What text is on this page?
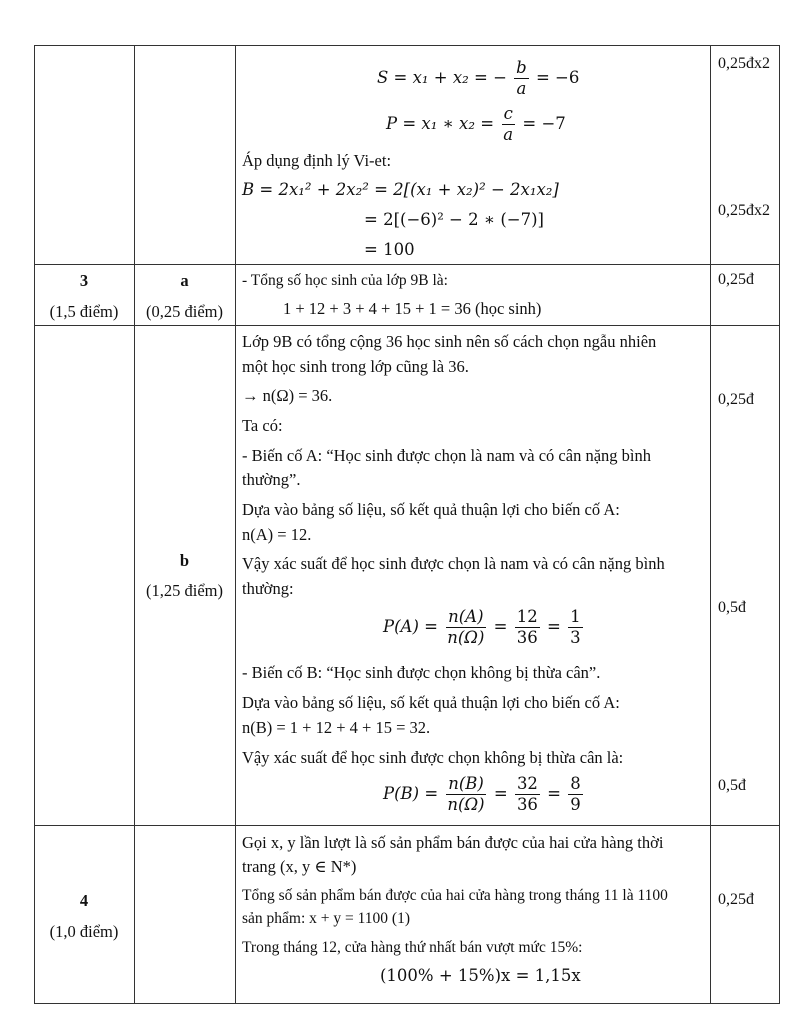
S = x₁ + x₂ = − $\frac{b}{a} = -6$
P = x₁ ∗ $x_2 = \frac{c}{a} = -7$
Áp dụng định lý Vi-et:
B = 2x₁² + 2x₂² = 2[(x₁ + x₂)² − 2x₁x₂]
= 2[(−6)² − 2 ∗ (−7)]
= 100
0,25đx2
0,25đx2
3
(1,5 điểm)
a
(0,25 điểm)
- Tổng số học sinh của lớp 9B là:
1 + 12 + 3 + 4 + 15 + 1 = 36 (học sinh)
0,25đ
b
(1,25 điểm)
Lớp 9B có tổng cộng 36 học sinh nên số cách chọn ngẫu nhiên
một học sinh trong lớp cũng là 36.
→ n(Ω) = 36.
Ta có:
- Biến cố A: “Học sinh được chọn là nam và có cân nặng bình
thường”.
Dựa vào bảng số liệu, số kết quả thuận lợi cho biến cố A:
n(A) = 12.
Vậy xác suất để học sinh được chọn là nam và có cân nặng bình
thường:
$P(A) = \frac{n(A)}{n(\Omega)} = \frac{12}{36} = \frac{1}{3}$
- Biến cố B: “Học sinh được chọn không bị thừa cân”.
Dựa vào bảng số liệu, số kết quả thuận lợi cho biến cố A:
n(B) = 1 + 12 + 4 + 15 = 32.
Vậy xác suất để học sinh được chọn không bị thừa cân là:
$P(B) = \frac{n(B)}{n(\Omega)} = \frac{32}{36} = \frac{8}{9}$
0,25đ
0,5đ
0,5đ
4
(1,0 điểm)
Gọi x, y lần lượt là số sản phẩm bán được của hai cửa hàng thời
trang (x, y ∈ N*)
Tổng số sản phẩm bán được của hai cửa hàng trong tháng 11 là 1100
sản phẩm: x + y = 1100 (1)
Trong tháng 12, cửa hàng thứ nhất bán vượt mức 15%:
(100% + 15%)x = 1,15x
0,25đ
